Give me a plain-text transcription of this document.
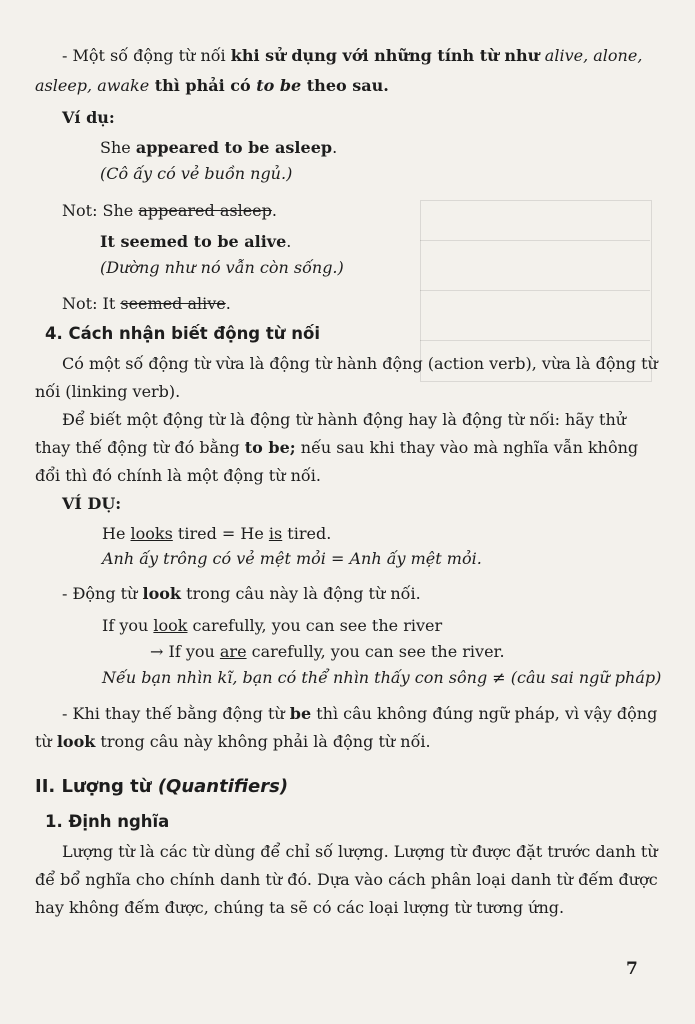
- Một số động từ nối khi sử dụng với những tính từ như alive, alone,
asleep, awake thì phải có to be theo sau.
Ví dụ:
She appeared to be asleep.
(Cô ấy có vẻ buồn ngủ.)
Not: She appeared asleep.
It seemed to be alive.
(Dường như nó vẫn còn sống.)
Not: It seemed alive.
4. Cách nhận biết động từ nối
Có một số động từ vừa là động từ hành động (action verb), vừa là động từ nối (linking verb).
Để biết một động từ là động từ hành động hay là động từ nối: hãy thử thay thế động từ đó bằng to be; nếu sau khi thay vào mà nghĩa vẫn không đổi thì đó chính là một động từ nối.
VÍ DỤ:
He looks tired = He is tired.
Anh ấy trông có vẻ mệt mỏi = Anh ấy mệt mỏi.
- Động từ look trong câu này là động từ nối.
If you look carefully, you can see the river
→ If you are carefully, you can see the river.
Nếu bạn nhìn kĩ, bạn có thể nhìn thấy con sông ≠ (câu sai ngữ pháp)
- Khi thay thế bằng động từ be thì câu không đúng ngữ pháp, vì vậy động từ look trong câu này không phải là động từ nối.
II. Lượng từ (Quantifiers)
1. Định nghĩa
Lượng từ là các từ dùng để chỉ số lượng. Lượng từ được đặt trước danh từ để bổ nghĩa cho chính danh từ đó. Dựa vào cách phân loại danh từ đếm được hay không đếm được, chúng ta sẽ có các loại lượng từ tương ứng.
7
